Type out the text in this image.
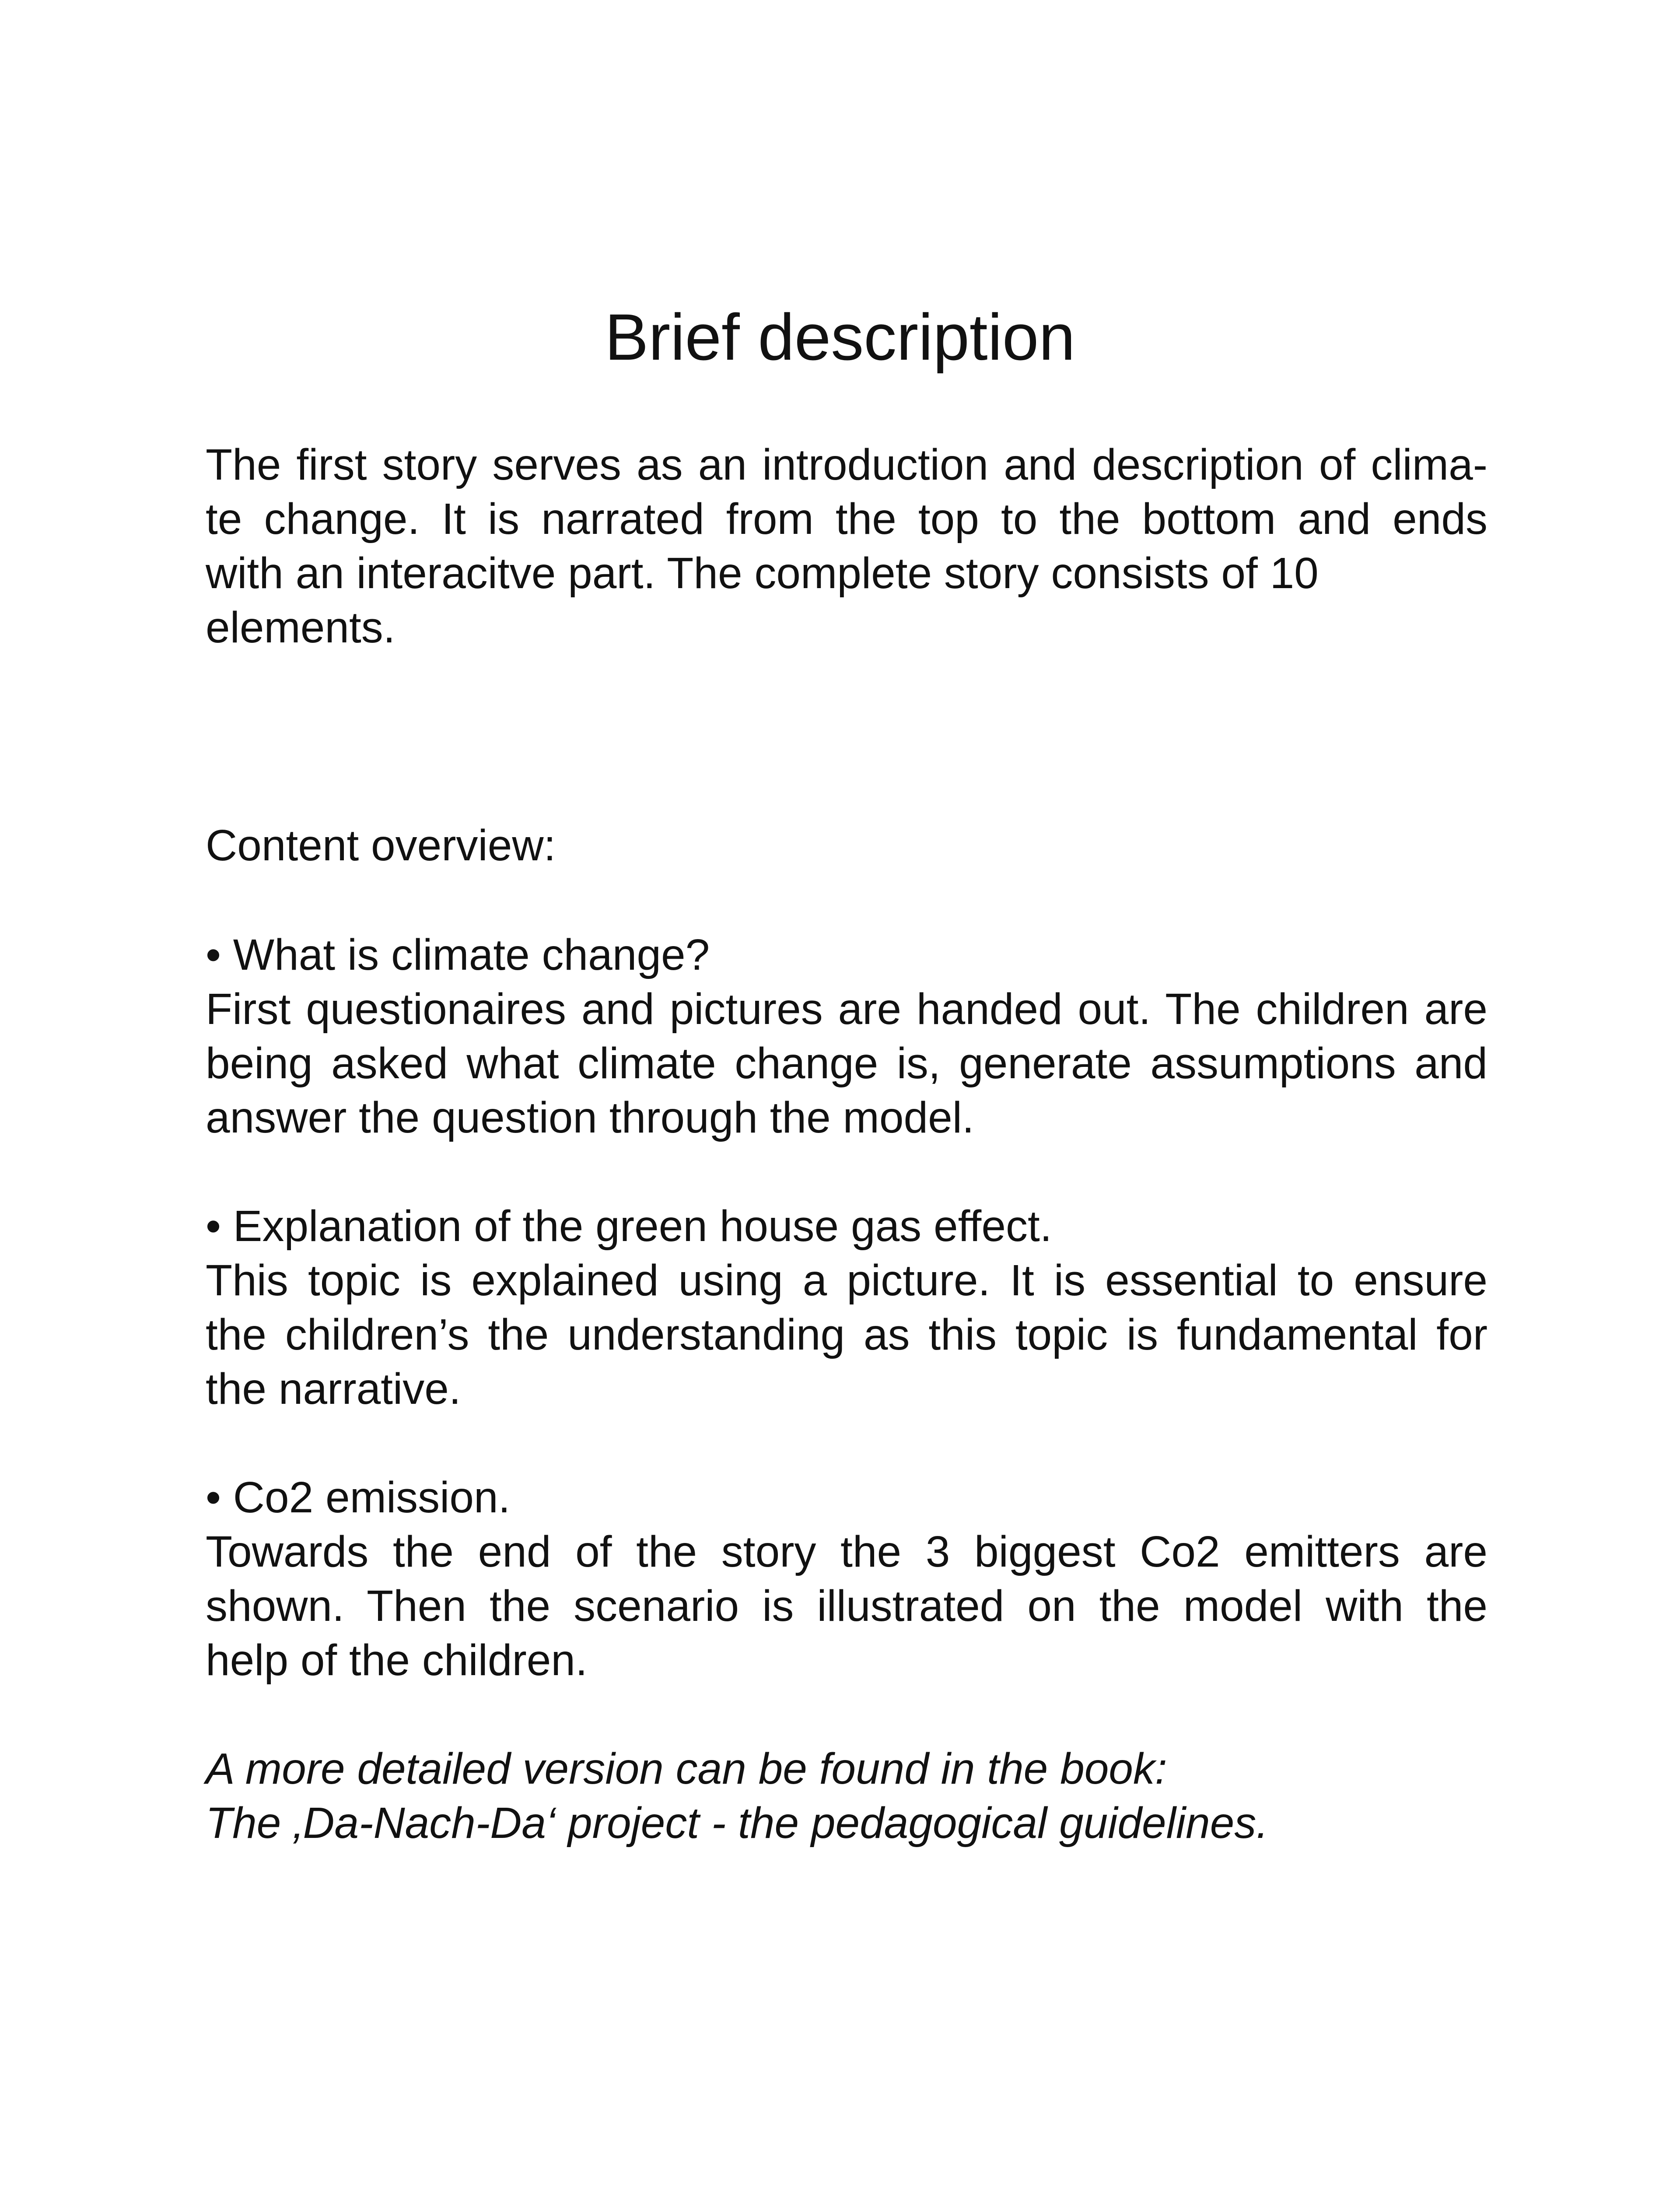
Brief description

The first story serves as an introduction and description of clima-
te change. It is narrated from the top to the bottom and ends
with an interacitve part. The complete story consists of 10
elements.

Content overview:

• What is climate change?
First questionaires and pictures are handed out. The children are
being asked what climate change is, generate assumptions and
answer the question through the model.
• Explanation of the green house gas effect.
This topic is explained using a picture. It is essential to ensure
the children’s the understanding as this topic is fundamental for
the narrative.
• Co2 emission.
Towards the end of the story the 3 biggest Co2 emitters are
shown. Then the scenario is illustrated on the model with the
help of the children.

A more detailed version can be found in the book:
The ‚Da-Nach-Da‘ project - the pedagogical guidelines.
